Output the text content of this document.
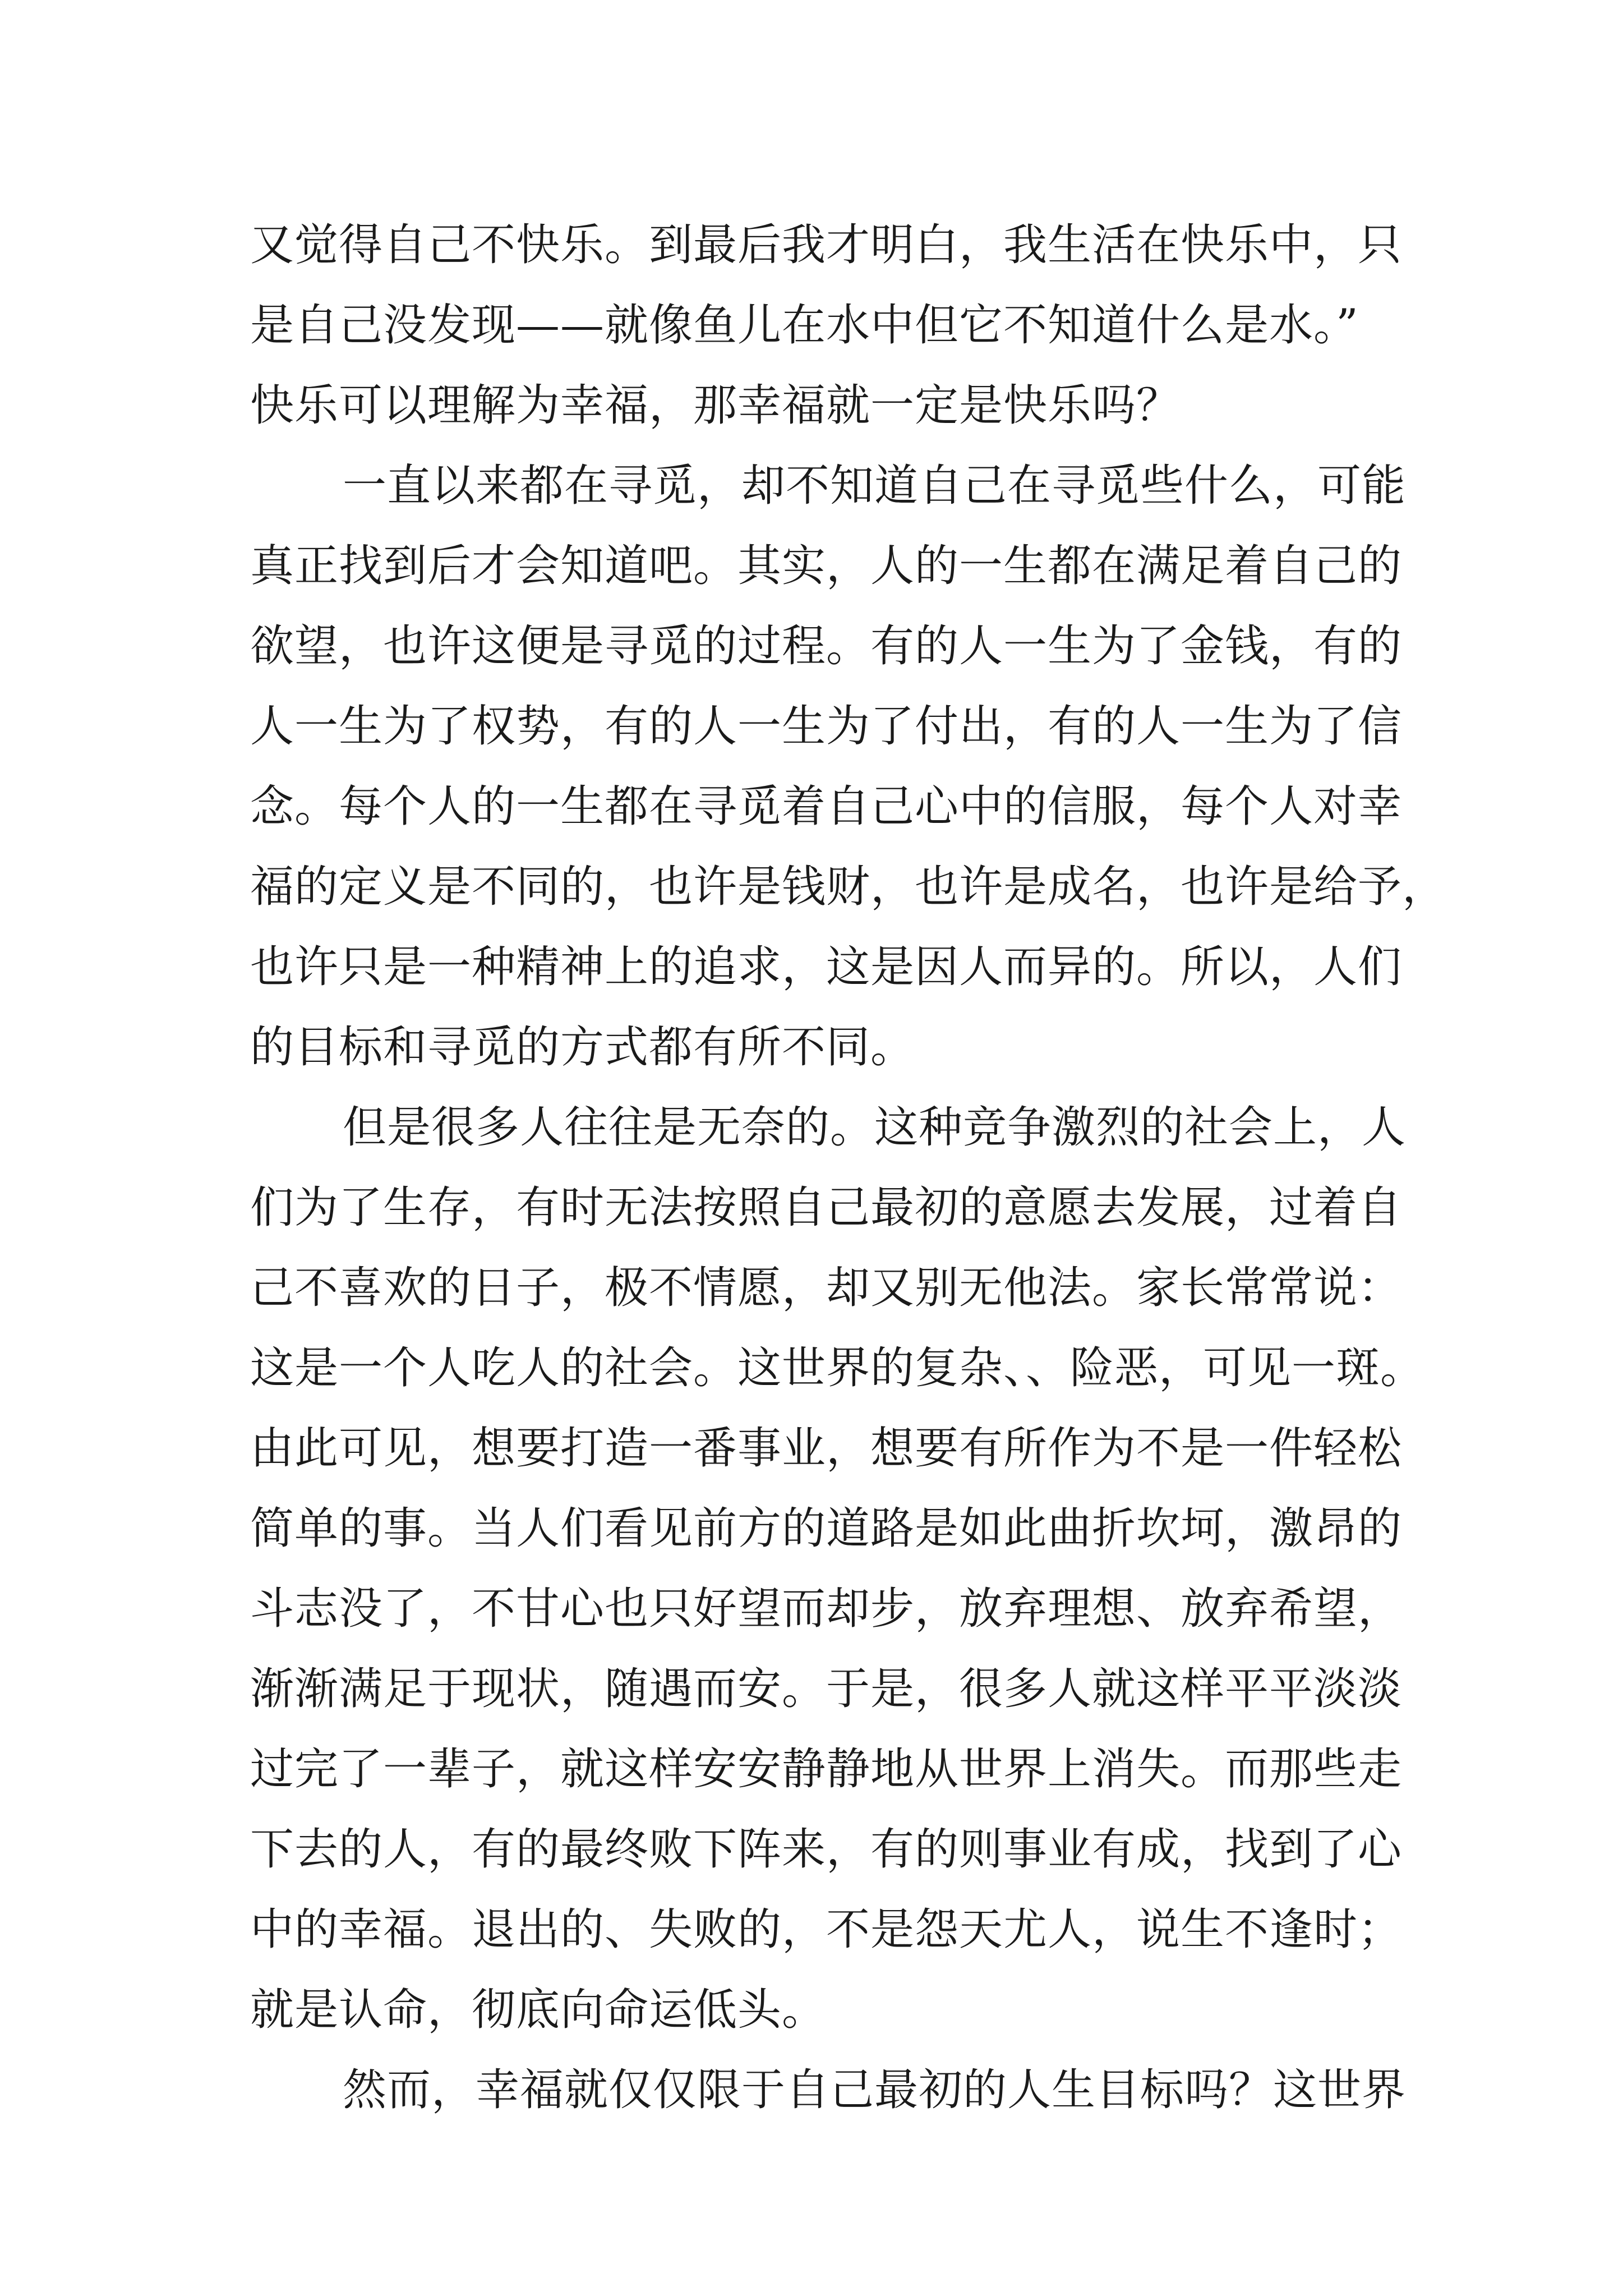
又觉得自己不快乐。到最后我才明白，我生活在快乐中，只
是自己没发现——就像鱼儿在水中但它不知道什么是水。”
快乐可以理解为幸福，那幸福就一定是快乐吗？
一直以来都在寻觅，却不知道自己在寻觅些什么，可能
真正找到后才会知道吧。其实，人的一生都在满足着自己的
欲望，也许这便是寻觅的过程。有的人一生为了金钱，有的
人一生为了权势，有的人一生为了付出，有的人一生为了信
念。每个人的一生都在寻觅着自己心中的信服，每个人对幸
福的定义是不同的，也许是钱财，也许是成名，也许是给予，
也许只是一种精神上的追求，这是因人而异的。所以，人们
的目标和寻觅的方式都有所不同。
但是很多人往往是无奈的。这种竞争激烈的社会上，人
们为了生存，有时无法按照自己最初的意愿去发展，过着自
己不喜欢的日子，极不情愿，却又别无他法。家长常常说：
这是一个人吃人的社会。这世界的复杂、、险恶，可见一斑。
由此可见，想要打造一番事业，想要有所作为不是一件轻松
简单的事。当人们看见前方的道路是如此曲折坎坷，激昂的
斗志没了，不甘心也只好望而却步，放弃理想、放弃希望，
渐渐满足于现状，随遇而安。于是，很多人就这样平平淡淡
过完了一辈子，就这样安安静静地从世界上消失。而那些走
下去的人，有的最终败下阵来，有的则事业有成，找到了心
中的幸福。退出的、失败的，不是怨天尤人，说生不逢时；
就是认命，彻底向命运低头。
然而，幸福就仅仅限于自己最初的人生目标吗？这世界
